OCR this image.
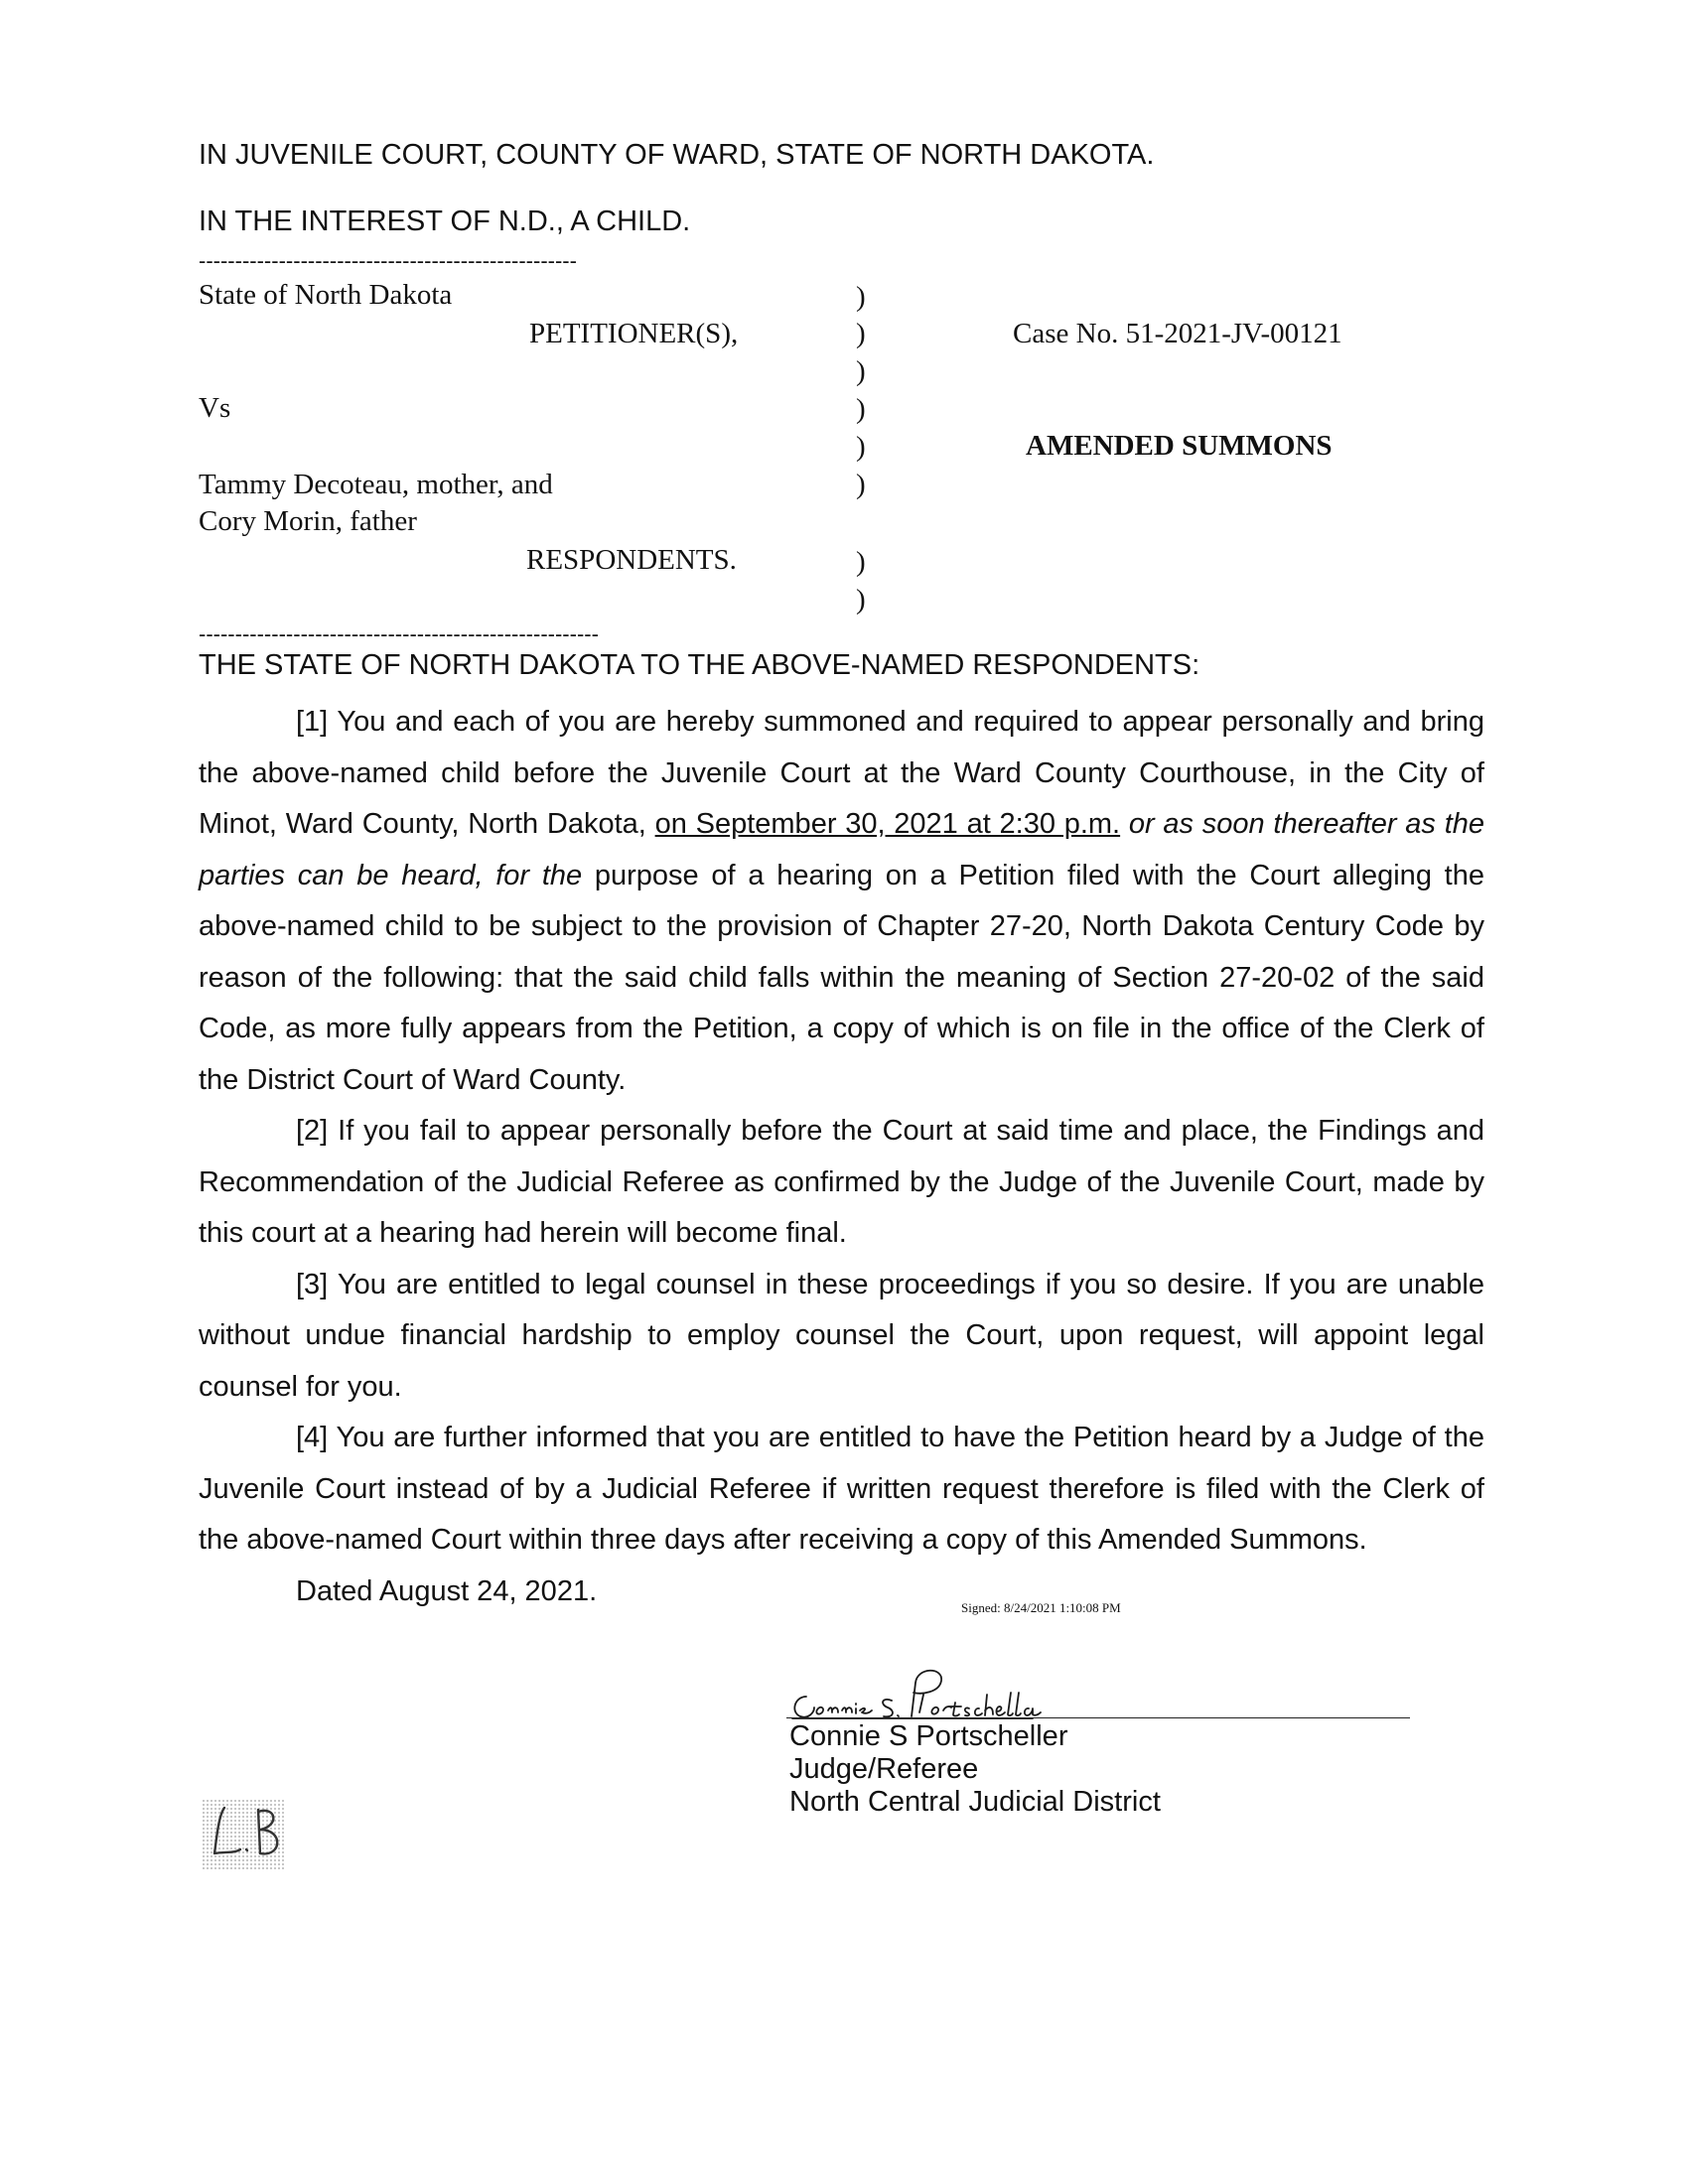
IN JUVENILE COURT, COUNTY OF WARD, STATE OF NORTH DAKOTA.
IN THE INTEREST OF N.D., A CHILD.
----------------------------------------------------
State of North Dakota
PETITIONER(S),
Vs
Tammy Decoteau, mother, and
Cory Morin, father
RESPONDENTS.
)
)
)
)
)
)
)
)
Case No. 51-2021-JV-00121
AMENDED SUMMONS
-------------------------------------------------------
THE STATE OF NORTH DAKOTA TO THE ABOVE-NAMED RESPONDENTS:

[1] You and each of you are hereby summoned and required to appear personally and bring the above-named child before the Juvenile Court at the Ward County Courthouse, in the City of Minot, Ward County, North Dakota, on September 30, 2021 at 2:30 p.m. or as soon thereafter as the parties can be heard, for the purpose of a hearing on a Petition filed with the Court alleging the above-named child to be subject to the provision of Chapter 27-20, North Dakota Century Code by reason of the following: that the said child falls within the meaning of Section 27-20-02 of the said Code, as more fully appears from the Petition, a copy of which is on file in the office of the Clerk of the District Court of Ward County.

[2] If you fail to appear personally before the Court at said time and place, the Findings and Recommendation of the Judicial Referee as confirmed by the Judge of the Juvenile Court, made by this court at a hearing had herein will become final.

[3] You are entitled to legal counsel in these proceedings if you so desire. If you are unable without undue financial hardship to employ counsel the Court, upon request, will appoint legal counsel for you.

[4] You are further informed that you are entitled to have the Petition heard by a Judge of the Juvenile Court instead of by a Judicial Referee if written request therefore is filed with the Clerk of the above-named Court within three days after receiving a copy of this Amended Summons.

Dated August 24, 2021.

Signed: 8/24/2021 1:10:08 PM
Connie S Portscheller
Judge/Referee
North Central Judicial District
